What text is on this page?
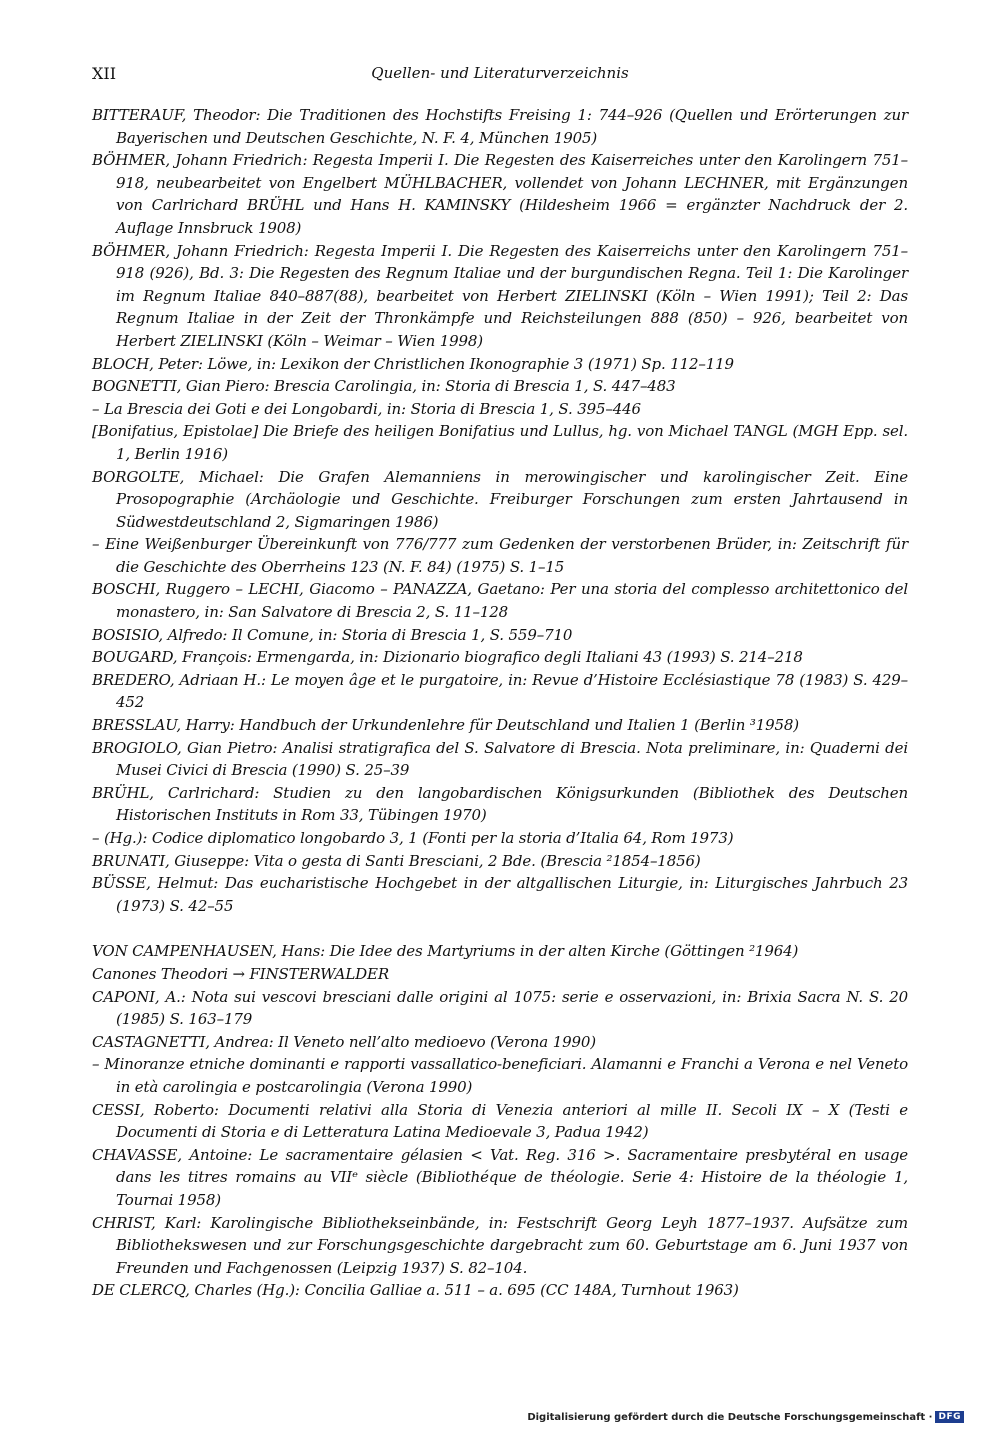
XII	Quellen- und Literaturverzeichnis

BITTERAUF, Theodor: Die Traditionen des Hochstifts Freising 1: 744–926 (Quellen und Erörterungen zur Bayerischen und Deutschen Geschichte, N. F. 4, München 1905)

BÖHMER, Johann Friedrich: Regesta Imperii I. Die Regesten des Kaiserreiches unter den Karolingern 751–918, neubearbeitet von Engelbert MÜHLBACHER, vollendet von Johann LECHNER, mit Ergänzungen von Carlrichard BRÜHL und Hans H. KAMINSKY (Hildesheim 1966 = ergänzter Nachdruck der 2. Auflage Innsbruck 1908)

BÖHMER, Johann Friedrich: Regesta Imperii I. Die Regesten des Kaiserreichs unter den Karolingern 751–918 (926), Bd. 3: Die Regesten des Regnum Italiae und der burgundischen Regna. Teil 1: Die Karolinger im Regnum Italiae 840–887(88), bearbeitet von Herbert ZIELINSKI (Köln – Wien 1991); Teil 2: Das Regnum Italiae in der Zeit der Thronkämpfe und Reichsteilungen 888 (850) – 926, bearbeitet von Herbert ZIELINSKI (Köln – Weimar – Wien 1998)

BLOCH, Peter: Löwe, in: Lexikon der Christlichen Ikonographie 3 (1971) Sp. 112–119

BOGNETTI, Gian Piero: Brescia Carolingia, in: Storia di Brescia 1, S. 447–483

– La Brescia dei Goti e dei Longobardi, in: Storia di Brescia 1, S. 395–446

[Bonifatius, Epistolae] Die Briefe des heiligen Bonifatius und Lullus, hg. von Michael TANGL (MGH Epp. sel. 1, Berlin 1916)

BORGOLTE, Michael: Die Grafen Alemanniens in merowingischer und karolingischer Zeit. Eine Prosopographie (Archäologie und Geschichte. Freiburger Forschungen zum ersten Jahrtausend in Südwestdeutschland 2, Sigmaringen 1986)

– Eine Weißenburger Übereinkunft von 776/777 zum Gedenken der verstorbenen Brüder, in: Zeitschrift für die Geschichte des Oberrheins 123 (N. F. 84) (1975) S. 1–15

BOSCHI, Ruggero – LECHI, Giacomo – PANAZZA, Gaetano: Per una storia del complesso architettonico del monastero, in: San Salvatore di Brescia 2, S. 11–128

BOSISIO, Alfredo: Il Comune, in: Storia di Brescia 1, S. 559–710

BOUGARD, François: Ermengarda, in: Dizionario biografico degli Italiani 43 (1993) S. 214–218

BREDERO, Adriaan H.: Le moyen âge et le purgatoire, in: Revue d’Histoire Ecclésiastique 78 (1983) S. 429–452

BRESSLAU, Harry: Handbuch der Urkundenlehre für Deutschland und Italien 1 (Berlin ³1958)

BROGIOLO, Gian Pietro: Analisi stratigrafica del S. Salvatore di Brescia. Nota preliminare, in: Quaderni dei Musei Civici di Brescia (1990) S. 25–39

BRÜHL, Carlrichard: Studien zu den langobardischen Königsurkunden (Bibliothek des Deutschen Historischen Instituts in Rom 33, Tübingen 1970)

– (Hg.): Codice diplomatico longobardo 3, 1 (Fonti per la storia d’Italia 64, Rom 1973)

BRUNATI, Giuseppe: Vita o gesta di Santi Bresciani, 2 Bde. (Brescia ²1854–1856)

BÜSSE, Helmut: Das eucharistische Hochgebet in der altgallischen Liturgie, in: Liturgisches Jahrbuch 23 (1973) S. 42–55

VON CAMPENHAUSEN, Hans: Die Idee des Martyriums in der alten Kirche (Göttingen ²1964)

Canones Theodori → FINSTERWALDER

CAPONI, A.: Nota sui vescovi bresciani dalle origini al 1075: serie e osservazioni, in: Brixia Sacra N. S. 20 (1985) S. 163–179

CASTAGNETTI, Andrea: Il Veneto nell’alto medioevo (Verona 1990)

– Minoranze etniche dominanti e rapporti vassallatico-beneficiari. Alamanni e Franchi a Verona e nel Veneto in età carolingia e postcarolingia (Verona 1990)

CESSI, Roberto: Documenti relativi alla Storia di Venezia anteriori al mille II. Secoli IX – X (Testi e Documenti di Storia e di Letteratura Latina Medioevale 3, Padua 1942)

CHAVASSE, Antoine: Le sacramentaire gélasien < Vat. Reg. 316 >. Sacramentaire presbytéral en usage dans les titres romains au VIIᵉ siècle (Bibliothéque de théologie. Serie 4: Histoire de la théologie 1, Tournai 1958)

CHRIST, Karl: Karolingische Bibliothekseinbände, in: Festschrift Georg Leyh 1877–1937. Aufsätze zum Bibliothekswesen und zur Forschungsgeschichte dargebracht zum 60. Geburtstage am 6. Juni 1937 von Freunden und Fachgenossen (Leipzig 1937) S. 82–104.

DE CLERCQ, Charles (Hg.): Concilia Galliae a. 511 – a. 695 (CC 148A, Turnhout 1963)

Digitalisierung gefördert durch die Deutsche Forschungsgemeinschaft · DFG
